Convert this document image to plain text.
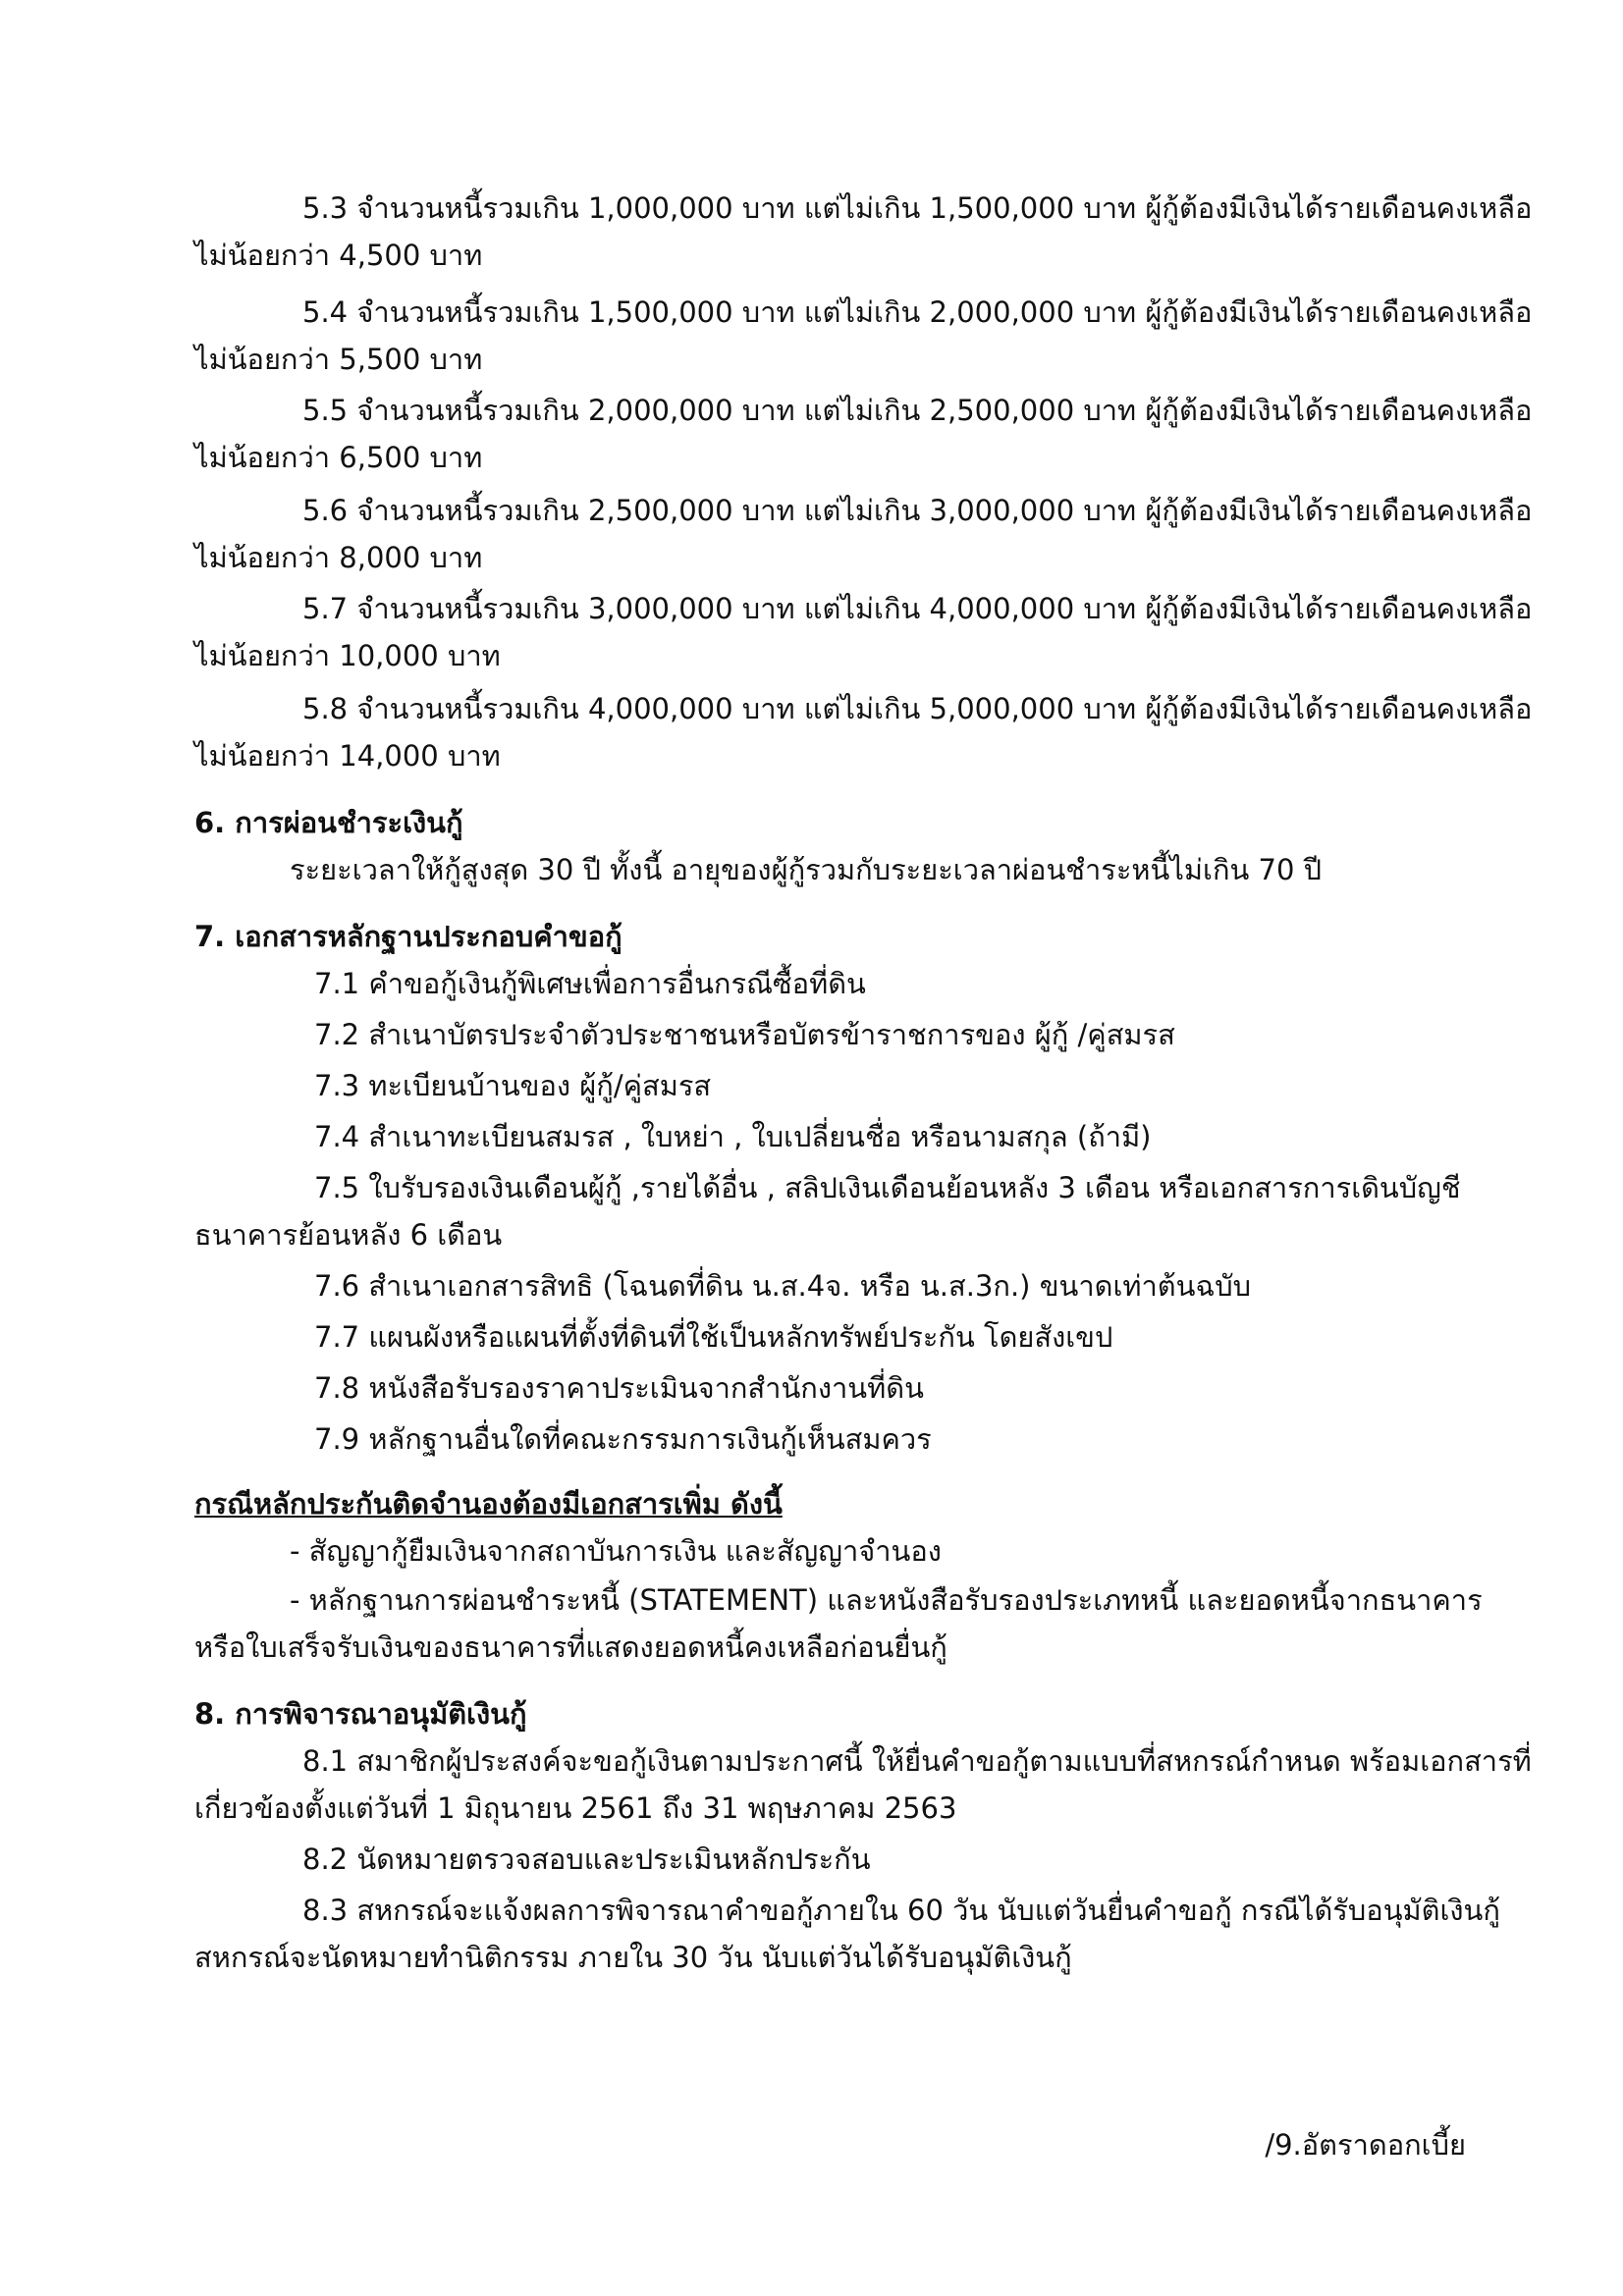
5.3 จำนวนหนี้รวมเกิน 1,000,000 บาท แต่ไม่เกิน 1,500,000 บาท ผู้กู้ต้องมีเงินได้รายเดือนคงเหลือ
ไม่น้อยกว่า 4,500 บาท
5.4 จำนวนหนี้รวมเกิน 1,500,000 บาท แต่ไม่เกิน 2,000,000 บาท ผู้กู้ต้องมีเงินได้รายเดือนคงเหลือ
ไม่น้อยกว่า 5,500 บาท
5.5 จำนวนหนี้รวมเกิน 2,000,000 บาท แต่ไม่เกิน 2,500,000 บาท ผู้กู้ต้องมีเงินได้รายเดือนคงเหลือ
ไม่น้อยกว่า 6,500 บาท
5.6 จำนวนหนี้รวมเกิน 2,500,000 บาท แต่ไม่เกิน 3,000,000 บาท ผู้กู้ต้องมีเงินได้รายเดือนคงเหลือ
ไม่น้อยกว่า 8,000 บาท
5.7 จำนวนหนี้รวมเกิน 3,000,000 บาท แต่ไม่เกิน 4,000,000 บาท ผู้กู้ต้องมีเงินได้รายเดือนคงเหลือ
ไม่น้อยกว่า 10,000 บาท
5.8 จำนวนหนี้รวมเกิน 4,000,000 บาท แต่ไม่เกิน 5,000,000 บาท ผู้กู้ต้องมีเงินได้รายเดือนคงเหลือ
ไม่น้อยกว่า 14,000 บาท
6. การผ่อนชำระเงินกู้
ระยะเวลาให้กู้สูงสุด 30 ปี ทั้งนี้ อายุของผู้กู้รวมกับระยะเวลาผ่อนชำระหนี้ไม่เกิน 70 ปี
7. เอกสารหลักฐานประกอบคำขอกู้
7.1 คำขอกู้เงินกู้พิเศษเพื่อการอื่นกรณีซื้อที่ดิน
7.2 สำเนาบัตรประจำตัวประชาชนหรือบัตรข้าราชการของ ผู้กู้ /คู่สมรส
7.3 ทะเบียนบ้านของ ผู้กู้/คู่สมรส
7.4 สำเนาทะเบียนสมรส , ใบหย่า , ใบเปลี่ยนชื่อ หรือนามสกุล (ถ้ามี)
7.5 ใบรับรองเงินเดือนผู้กู้ ,รายได้อื่น , สลิปเงินเดือนย้อนหลัง 3 เดือน หรือเอกสารการเดินบัญชี
ธนาคารย้อนหลัง 6 เดือน
7.6 สำเนาเอกสารสิทธิ (โฉนดที่ดิน น.ส.4จ. หรือ น.ส.3ก.) ขนาดเท่าต้นฉบับ
7.7 แผนผังหรือแผนที่ตั้งที่ดินที่ใช้เป็นหลักทรัพย์ประกัน โดยสังเขป
7.8 หนังสือรับรองราคาประเมินจากสำนักงานที่ดิน
7.9 หลักฐานอื่นใดที่คณะกรรมการเงินกู้เห็นสมควร
กรณีหลักประกันติดจำนองต้องมีเอกสารเพิ่ม ดังนี้
- สัญญากู้ยืมเงินจากสถาบันการเงิน และสัญญาจำนอง
- หลักฐานการผ่อนชำระหนี้ (STATEMENT) และหนังสือรับรองประเภทหนี้ และยอดหนี้จากธนาคาร
หรือใบเสร็จรับเงินของธนาคารที่แสดงยอดหนี้คงเหลือก่อนยื่นกู้
8. การพิจารณาอนุมัติเงินกู้
8.1 สมาชิกผู้ประสงค์จะขอกู้เงินตามประกาศนี้ ให้ยื่นคำขอกู้ตามแบบที่สหกรณ์กำหนด พร้อมเอกสารที่
เกี่ยวข้องตั้งแต่วันที่ 1 มิถุนายน 2561 ถึง 31 พฤษภาคม 2563
8.2 นัดหมายตรวจสอบและประเมินหลักประกัน
8.3 สหกรณ์จะแจ้งผลการพิจารณาคำขอกู้ภายใน 60 วัน นับแต่วันยื่นคำขอกู้ กรณีได้รับอนุมัติเงินกู้
สหกรณ์จะนัดหมายทำนิติกรรม ภายใน 30 วัน นับแต่วันได้รับอนุมัติเงินกู้
/9.อัตราดอกเบี้ย
